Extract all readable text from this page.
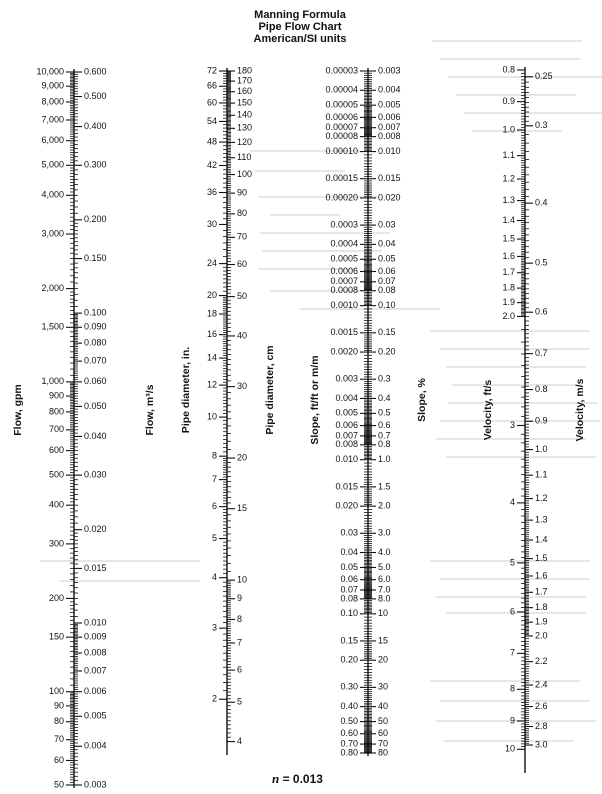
Manning Formula
Pipe Flow Chart
American/SI units
10,000
9,000
8,000
7,000
6,000
5,000
4,000
3,000
2,000
1,500
1,000
900
800
700
600
500
400
300
200
150
100
90
80
70
60
50
0.600
0.500
0.400
0.300
0.200
0.150
0.100
0.090
0.080
0.070
0.060
0.050
0.040
0.030
0.020
0.015
0.010
0.009
0.008
0.007
0.006
0.005
0.004
0.003
Flow, gpm	Flow, m³/s
72
66
60
54
48
42
36
30
24
20
18
16
14
12
10
8
7
6
5
4
3
2
180
170
160
150
140
130
120
110
100
90
80
70
60
50
40
30
20
15
10
9
8
7
6
5
4
Pipe diameter, in.	Pipe diameter, cm
0.00003
0.00004
0.00005
0.00006
0.00007
0.00008
0.00010
0.00015
0.00020
0.0003
0.0004
0.0005
0.0006
0.0007
0.0008
0.0010
0.0015
0.0020
0.003
0.004
0.005
0.006
0.007
0.008
0.010
0.015
0.020
0.03
0.04
0.05
0.06
0.07
0.08
0.10
0.15
0.20
0.30
0.40
0.50
0.60
0.70
0.80
0.003
0.004
0.005
0.006
0.007
0.008
0.010
0.015
0.020
0.03
0.04
0.05
0.06
0.07
0.08
0.10
0.15
0.20
0.3
0.4
0.5
0.6
0.7
0.8
1.0
1.5
2.0
3.0
4.0
5.0
6.0
7.0
8.0
10
15
20
30
40
50
60
70
80
Slope, ft/ft or m/m	Slope, %
0.8
0.9
1.0
1.1
1.2
1.3
1.4
1.5
1.6
1.7
1.8
1.9
2.0
3
4
5
6
7
8
9
10
0.25
0.3
0.4
0.5
0.6
0.7
0.8
0.9
1.0
1.1
1.2
1.3
1.4
1.5
1.6
1.7
1.8
1.9
2.0
2.2
2.4
2.6
2.8
3.0
Velocity, ft/s	Velocity, m/s
n = 0.013
